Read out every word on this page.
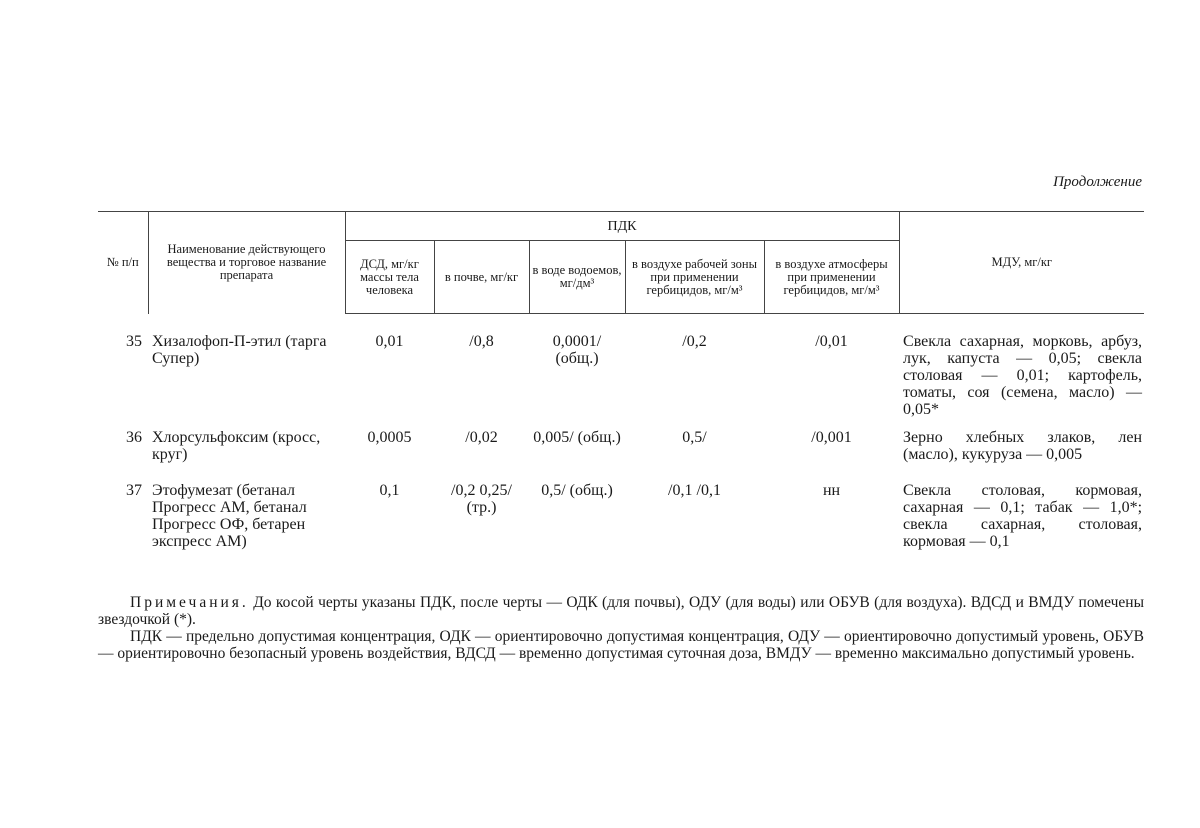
Продолжение
№ п/п	Наименование действующего вещества и торговое название препарата	ПДК					МДУ, мг/кг
		ДСД, мг/кг массы тела человека	в почве, мг/кг	в воде водоемов, мг/дм³	в воздухе рабочей зоны при применении гербицидов, мг/м³	в воздухе атмосферы при применении гербицидов, мг/м³	
35	Хизалофоп-П-этил (тарга Супер)	0,01	/0,8	0,0001/ (общ.)	/0,2	/0,01	Свекла сахарная, морковь, арбуз, лук, капуста — 0,05; свекла столовая — 0,01; картофель, томаты, соя (семена, масло) — 0,05*
36	Хлорсульфоксим (кросс, круг)	0,0005	/0,02	0,005/ (общ.)	0,5/	/0,001	Зерно хлебных злаков, лен (масло), кукуруза — 0,005
37	Этофумезат (бетанал Прогресс АМ, бетанал Прогресс ОФ, бетарен экспресс АМ)	0,1	/0,2 0,25/ (тр.)	0,5/ (общ.)	/0,1 /0,1	нн	Свекла столовая, кормовая, сахарная — 0,1; табак — 1,0*; свекла сахарная, столовая, кормовая — 0,1

Примечания. До косой черты указаны ПДК, после черты — ОДК (для почвы), ОДУ (для воды) или ОБУВ (для воздуха). ВДСД и ВМДУ помечены звездочкой (*).

ПДК — предельно допустимая концентрация, ОДК — ориентировочно допустимая концентрация, ОДУ — ориентировочно допустимый уровень, ОБУВ — ориентировочно безопасный уровень воздействия, ВДСД — временно допустимая суточная доза, ВМДУ — временно максимально допустимый уровень.
